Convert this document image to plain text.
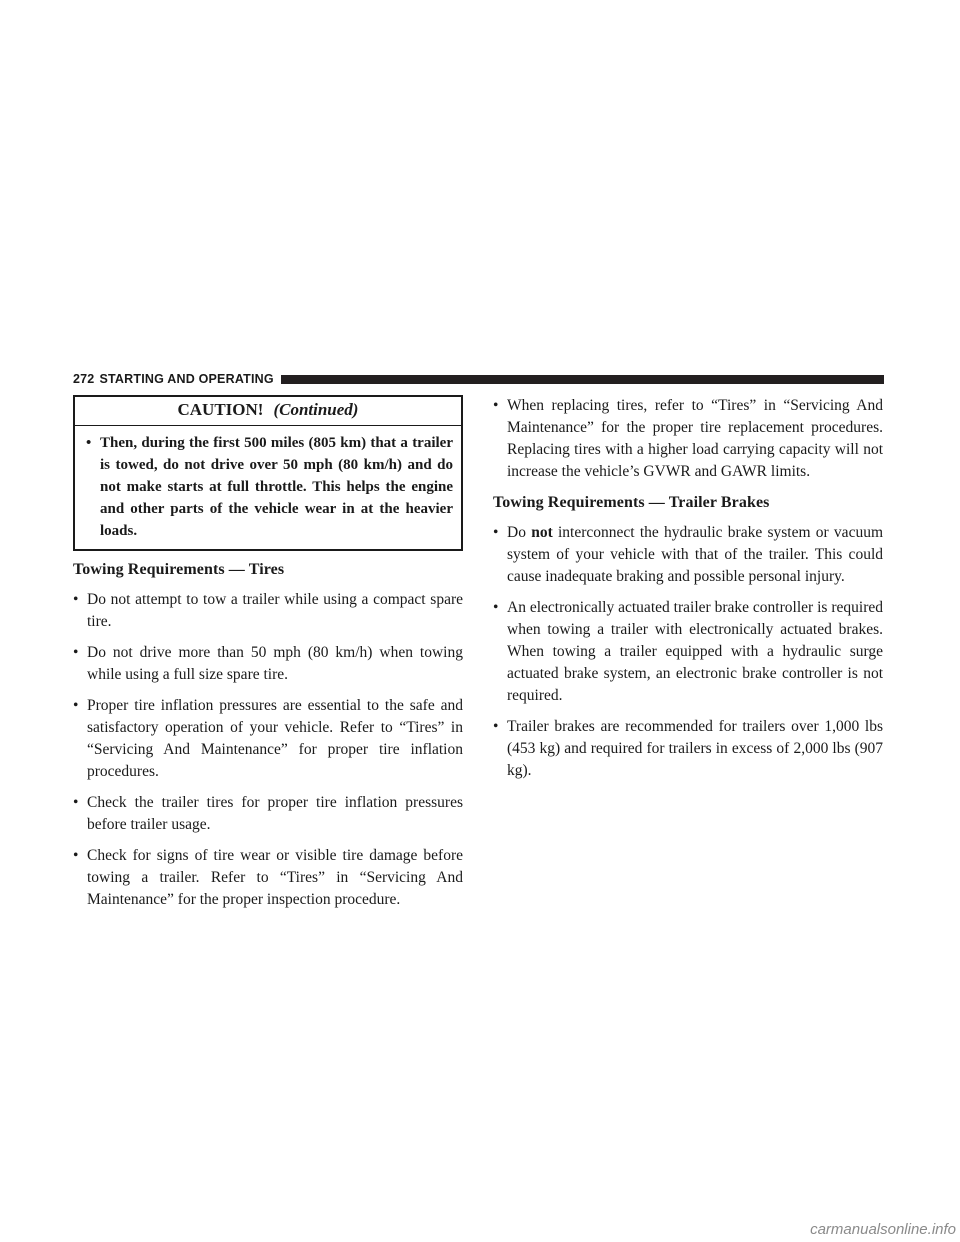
272 STARTING AND OPERATING
CAUTION! (Continued)
• Then, during the first 500 miles (805 km) that a trailer is towed, do not drive over 50 mph (80 km/h) and do not make starts at full throttle. This helps the engine and other parts of the vehicle wear in at the heavier loads.
Towing Requirements — Tires
• Do not attempt to tow a trailer while using a compact spare tire.
• Do not drive more than 50 mph (80 km/h) when towing while using a full size spare tire.
• Proper tire inflation pressures are essential to the safe and satisfactory operation of your vehicle. Refer to “Tires” in “Servicing And Maintenance” for proper tire inflation procedures.
• Check the trailer tires for proper tire inflation pressures before trailer usage.
• Check for signs of tire wear or visible tire damage before towing a trailer. Refer to “Tires” in “Servicing And Maintenance” for the proper inspection procedure.
• When replacing tires, refer to “Tires” in “Servicing And Maintenance” for the proper tire replacement procedures. Replacing tires with a higher load carrying capacity will not increase the vehicle’s GVWR and GAWR limits.
Towing Requirements — Trailer Brakes
• Do not interconnect the hydraulic brake system or vacuum system of your vehicle with that of the trailer. This could cause inadequate braking and possible personal injury.
• An electronically actuated trailer brake controller is required when towing a trailer with electronically actuated brakes. When towing a trailer equipped with a hydraulic surge actuated brake system, an electronic brake controller is not required.
• Trailer brakes are recommended for trailers over 1,000 lbs (453 kg) and required for trailers in excess of 2,000 lbs (907 kg).
carmanualsonline.info
